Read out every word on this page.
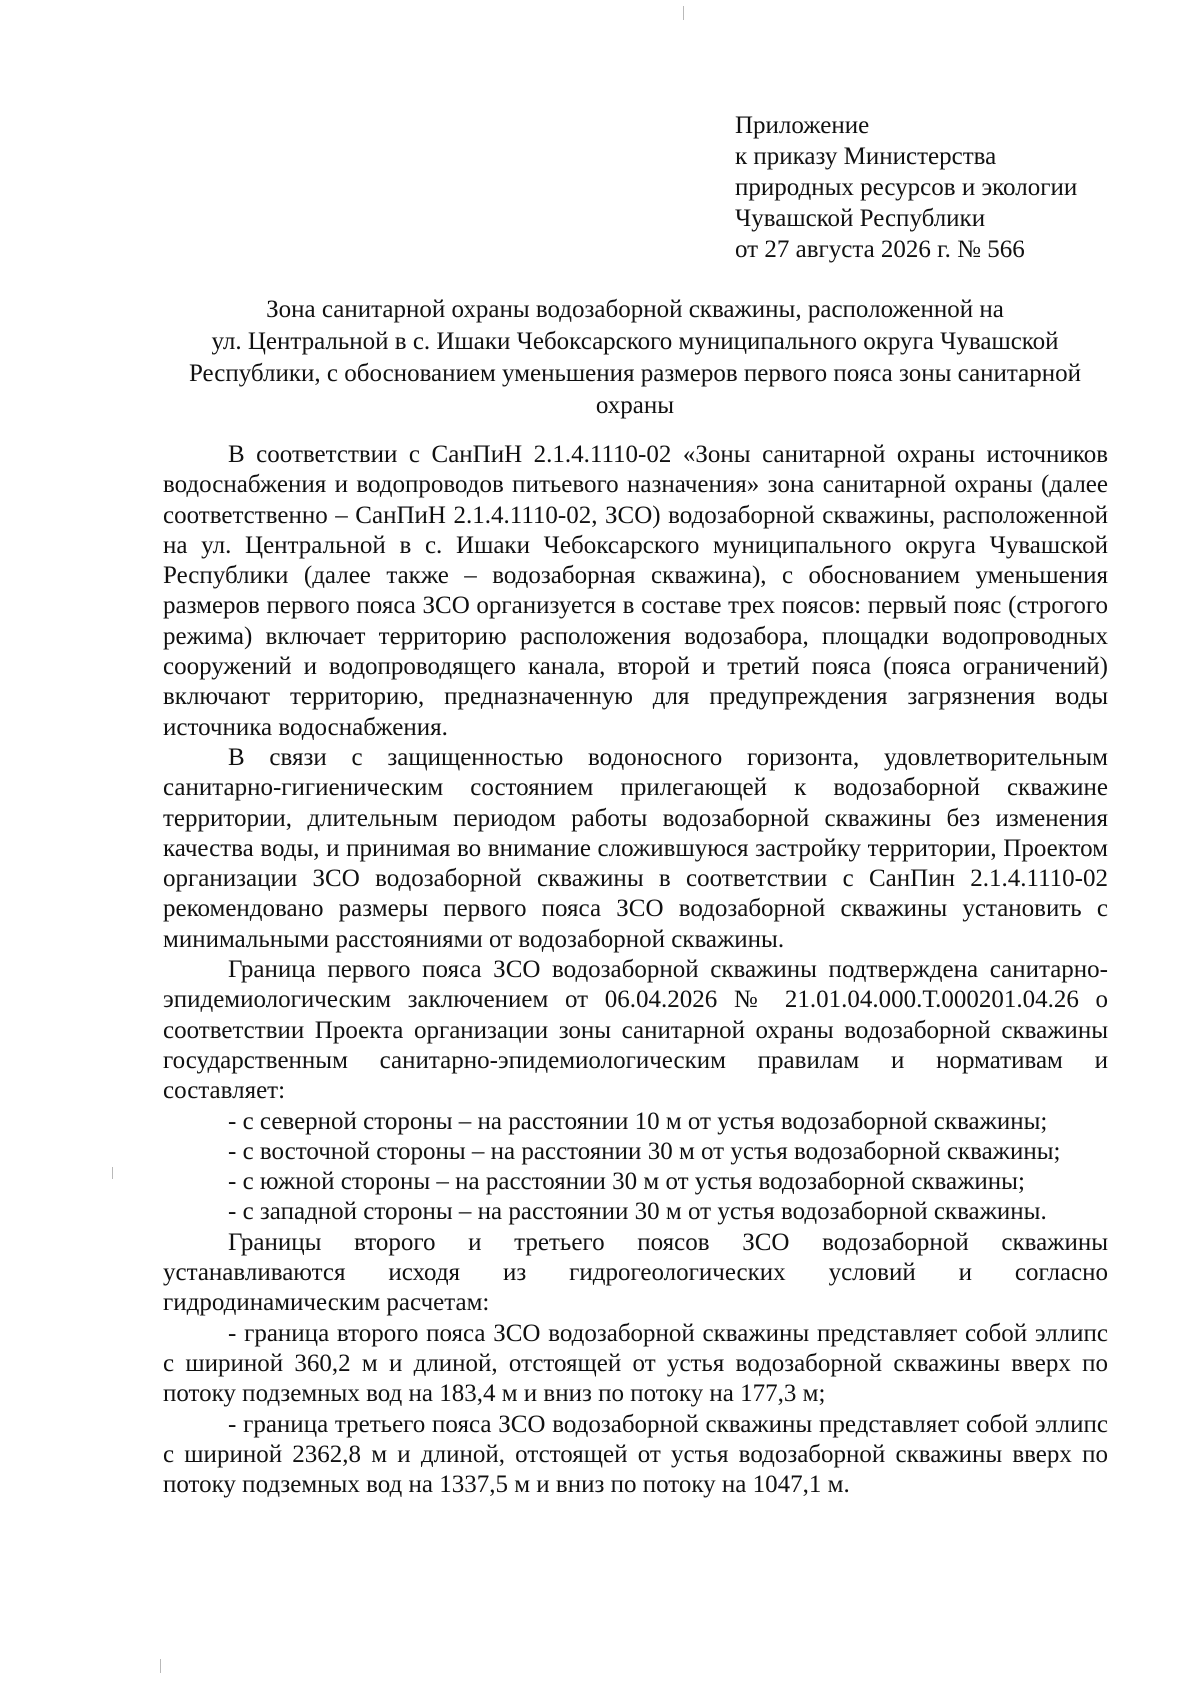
Приложение
к приказу Министерства
природных ресурсов и экологии
Чувашской Республики
от 27 августа 2026 г. № 566
Зона санитарной охраны водозаборной скважины, расположенной на
ул. Центральной в с. Ишаки Чебоксарского муниципального округа Чувашской
Республики, с обоснованием уменьшения размеров первого пояса зоны санитарной
охраны

В соответствии с СанПиН 2.1.4.1110-02 «Зоны санитарной охраны источников водоснабжения и водопроводов питьевого назначения» зона санитарной охраны (далее соответственно – СанПиН 2.1.4.1110-02, ЗСО) водозаборной скважины, расположенной на ул. Центральной в с. Ишаки Чебоксарского муниципального округа Чувашской Республики (далее также – водозаборная скважина), с обоснованием уменьшения размеров первого пояса ЗСО организуется в составе трех поясов: первый пояс (строгого режима) включает территорию расположения водозабора, площадки водопроводных сооружений и водопроводящего канала, второй и третий пояса (пояса ограничений) включают территорию, предназначенную для предупреждения загрязнения воды источника водоснабжения.

В связи с защищенностью водоносного горизонта, удовлетворительным санитарно-гигиеническим состоянием прилегающей к водозаборной скважине территории, длительным периодом работы водозаборной скважины без изменения качества воды, и принимая во внимание сложившуюся застройку территории, Проектом организации ЗСО водозаборной скважины в соответствии с СанПин 2.1.4.1110-02 рекомендовано размеры первого пояса ЗСО водозаборной скважины установить с минимальными расстояниями от водозаборной скважины.

Граница первого пояса ЗСО водозаборной скважины подтверждена санитарно-эпидемиологическим заключением от 06.04.2026 № 21.01.04.000.Т.000201.04.26 о соответствии Проекта организации зоны санитарной охраны водозаборной скважины государственным санитарно-эпидемиологическим правилам и нормативам и составляет:

- с северной стороны – на расстоянии 10 м от устья водозаборной скважины;

- с восточной стороны – на расстоянии 30 м от устья водозаборной скважины;

- с южной стороны – на расстоянии 30 м от устья водозаборной скважины;

- с западной стороны – на расстоянии 30 м от устья водозаборной скважины.

Границы второго и третьего поясов ЗСО водозаборной скважины устанавливаются исходя из гидрогеологических условий и согласно гидродинамическим расчетам:

- граница второго пояса ЗСО водозаборной скважины представляет собой эллипс с шириной 360,2 м и длиной, отстоящей от устья водозаборной скважины вверх по потоку подземных вод на 183,4 м и вниз по потоку на 177,3 м;

- граница третьего пояса ЗСО водозаборной скважины представляет собой эллипс с шириной 2362,8 м и длиной, отстоящей от устья водозаборной скважины вверх по потоку подземных вод на 1337,5 м и вниз по потоку на 1047,1 м.
